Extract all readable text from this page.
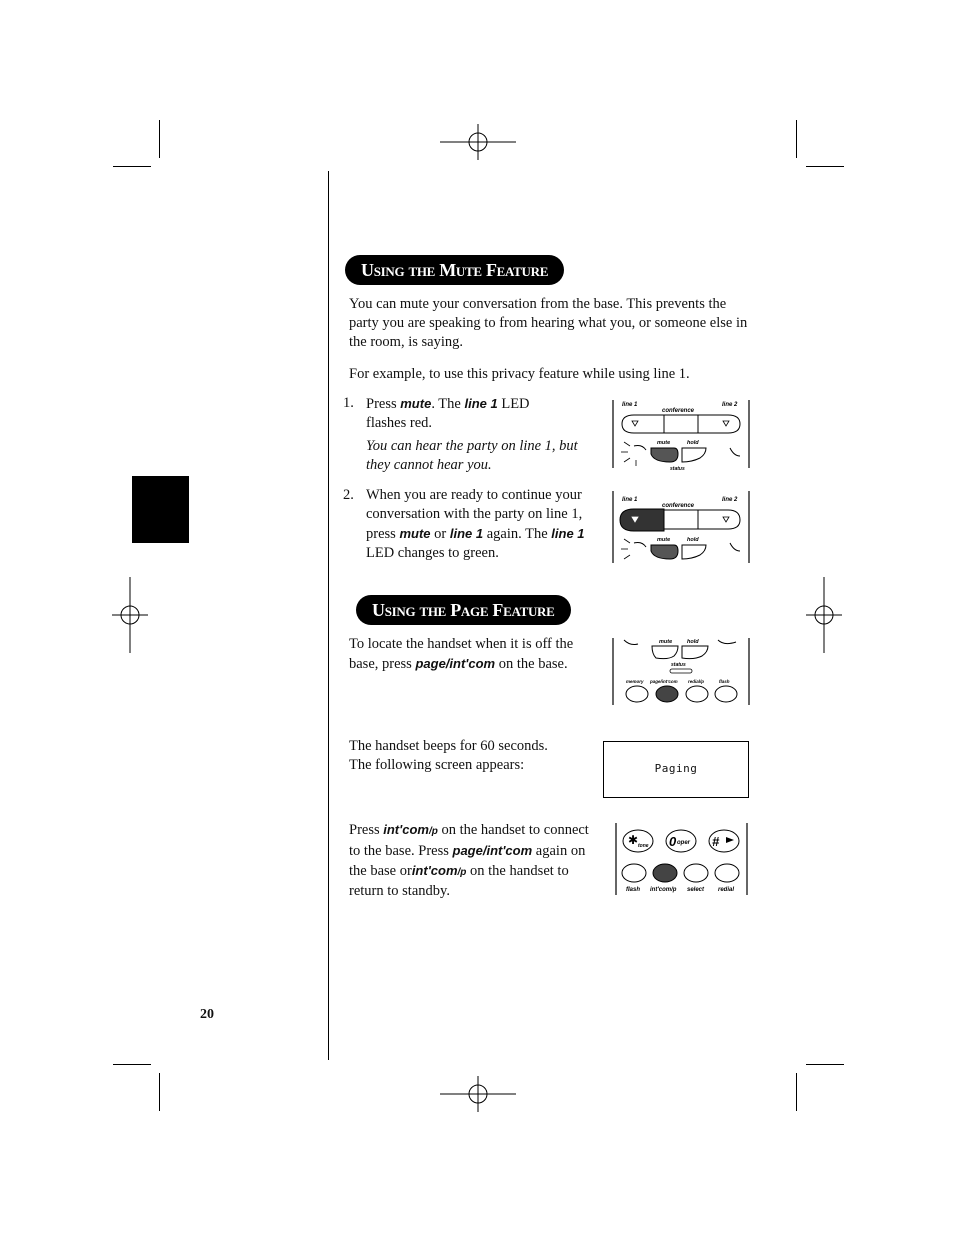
Using the Mute Feature
You can mute your conversation from the base. This prevents the party you are speaking to from hearing what you, or someone else in the room, is saying.
For example, to use this privacy feature while using line 1.
1. Press mute. The line 1 LED flashes red.
You can hear the party on line 1, but they cannot hear you.
2. When you are ready to continue your conversation with the party on line 1, press mute or line 1 again. The line 1 LED changes to green.
line 1	line 2
conference
mute	hold
status
line 1	line 2
conference
mute	hold
Using the Page Feature
To locate the handset when it is off the base, press page/int'com on the base.
mute	hold
status
memory page/int'com redial/p	flash
The handset beeps for 60 seconds. The following screen appears:	Paging
Press int'com/p on the handset to connect to the base. Press page/int'com again on the base orint'com/p on the handset to return to standby.
✱ tone 0 oper #
flash int'com/p select redial
20
